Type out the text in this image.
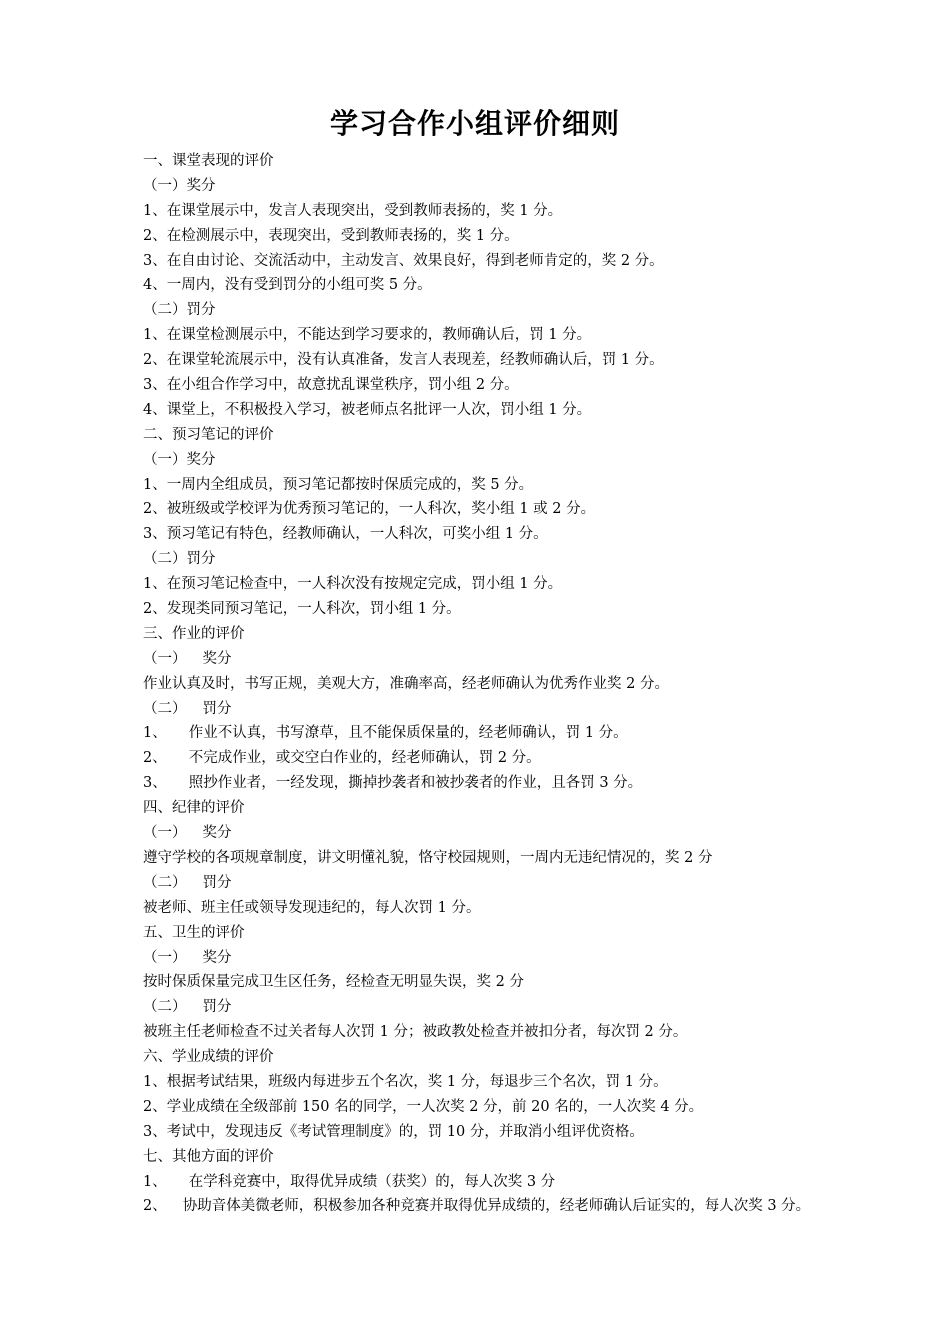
学习合作小组评价细则

一、课堂表现的评价

（一）奖分

1、在课堂展示中，发言人表现突出，受到教师表扬的，奖 1 分。

2、在检测展示中，表现突出，受到教师表扬的，奖 1 分。

3、在自由讨论、交流活动中，主动发言、效果良好，得到老师肯定的，奖 2 分。

4、一周内，没有受到罚分的小组可奖 5 分。

（二）罚分

1、在课堂检测展示中，不能达到学习要求的，教师确认后，罚 1 分。

2、在课堂轮流展示中，没有认真准备，发言人表现差，经教师确认后，罚 1 分。

3、在小组合作学习中，故意扰乱课堂秩序，罚小组 2 分。

4、课堂上，不积极投入学习，被老师点名批评一人次，罚小组 1 分。

二、预习笔记的评价

（一）奖分

1、一周内全组成员，预习笔记都按时保质完成的，奖 5 分。

2、被班级或学校评为优秀预习笔记的，一人科次，奖小组 1 或 2 分。

3、预习笔记有特色，经教师确认，一人科次，可奖小组 1 分。

（二）罚分

1、在预习笔记检查中，一人科次没有按规定完成，罚小组 1 分。

2、发现类同预习笔记，一人科次，罚小组 1 分。

三、作业的评价

（一） 奖分

作业认真及时，书写正规，美观大方，准确率高，经老师确认为优秀作业奖 2 分。

（二） 罚分

1、 作业不认真，书写潦草，且不能保质保量的，经老师确认，罚 1 分。

2、 不完成作业，或交空白作业的，经老师确认，罚 2 分。

3、 照抄作业者，一经发现，撕掉抄袭者和被抄袭者的作业，且各罚 3 分。

四、纪律的评价

（一） 奖分

遵守学校的各项规章制度，讲文明懂礼貌，恪守校园规则，一周内无违纪情况的，奖 2 分

（二） 罚分

被老师、班主任或领导发现违纪的，每人次罚 1 分。

五、卫生的评价

（一） 奖分

按时保质保量完成卫生区任务，经检查无明显失误，奖 2 分

（二） 罚分

被班主任老师检查不过关者每人次罚 1 分；被政教处检查并被扣分者，每次罚 2 分。

六、学业成绩的评价

1、根据考试结果，班级内每进步五个名次，奖 1 分，每退步三个名次，罚 1 分。

2、学业成绩在全级部前 150 名的同学，一人次奖 2 分，前 20 名的，一人次奖 4 分。

3、考试中，发现违反《考试管理制度》的，罚 10 分，并取消小组评优资格。

七、其他方面的评价

1、 在学科竞赛中，取得优异成绩（获奖）的，每人次奖 3 分

2、 协助音体美微老师，积极参加各种竞赛并取得优异成绩的，经老师确认后证实的，每人次奖 3 分。
